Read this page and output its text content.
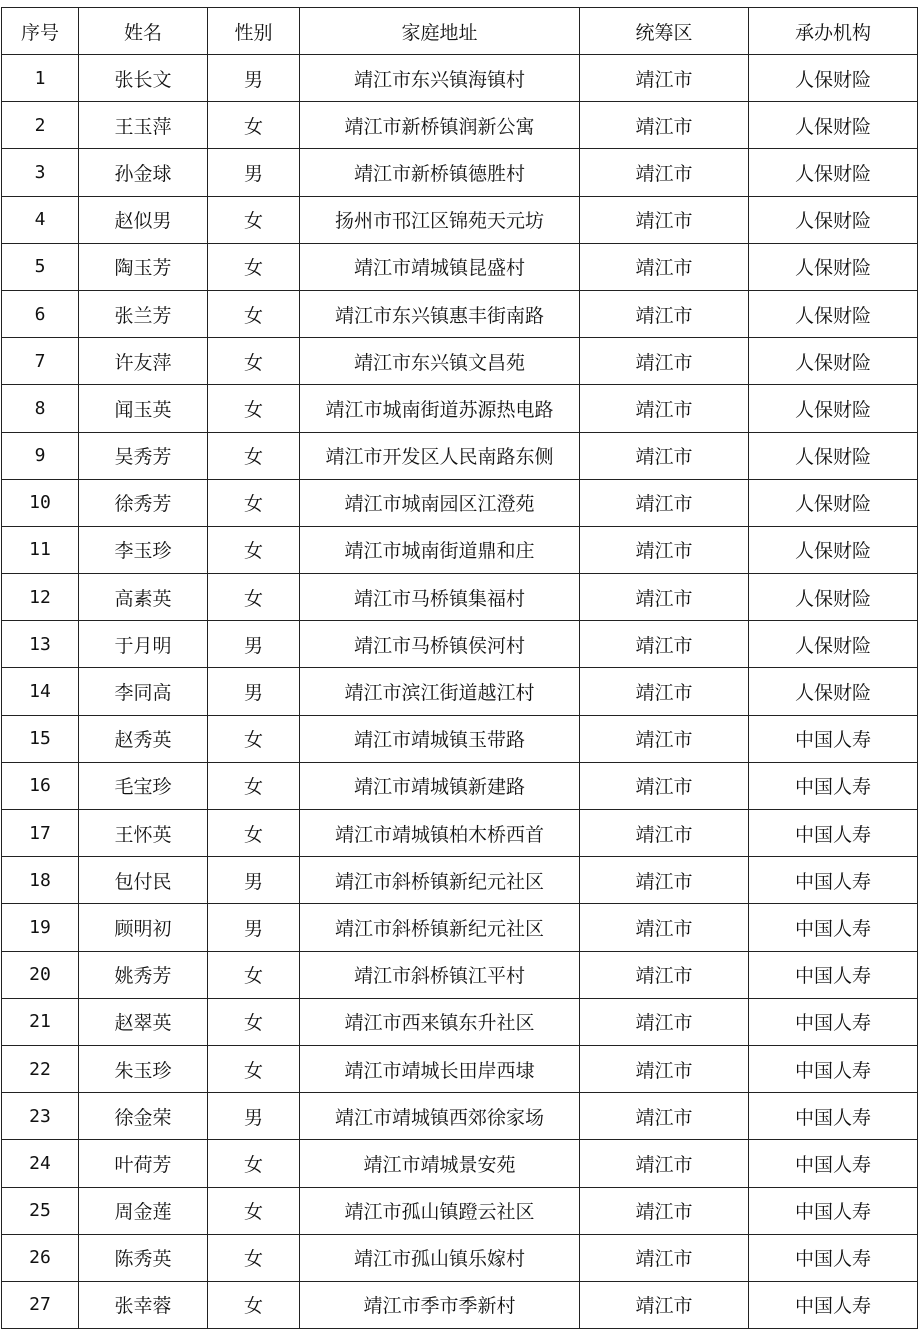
序号	姓名	性别	家庭地址	统筹区	承办机构
1	张长文	男	靖江市东兴镇海镇村	靖江市	人保财险
2	王玉萍	女	靖江市新桥镇润新公寓	靖江市	人保财险
3	孙金球	男	靖江市新桥镇德胜村	靖江市	人保财险
4	赵似男	女	扬州市邗江区锦苑天元坊	靖江市	人保财险
5	陶玉芳	女	靖江市靖城镇昆盛村	靖江市	人保财险
6	张兰芳	女	靖江市东兴镇惠丰街南路	靖江市	人保财险
7	许友萍	女	靖江市东兴镇文昌苑	靖江市	人保财险
8	闻玉英	女	靖江市城南街道苏源热电路	靖江市	人保财险
9	吴秀芳	女	靖江市开发区人民南路东侧	靖江市	人保财险
10	徐秀芳	女	靖江市城南园区江澄苑	靖江市	人保财险
11	李玉珍	女	靖江市城南街道鼎和庄	靖江市	人保财险
12	高素英	女	靖江市马桥镇集福村	靖江市	人保财险
13	于月明	男	靖江市马桥镇侯河村	靖江市	人保财险
14	李同高	男	靖江市滨江街道越江村	靖江市	人保财险
15	赵秀英	女	靖江市靖城镇玉带路	靖江市	中国人寿
16	毛宝珍	女	靖江市靖城镇新建路	靖江市	中国人寿
17	王怀英	女	靖江市靖城镇柏木桥西首	靖江市	中国人寿
18	包付民	男	靖江市斜桥镇新纪元社区	靖江市	中国人寿
19	顾明初	男	靖江市斜桥镇新纪元社区	靖江市	中国人寿
20	姚秀芳	女	靖江市斜桥镇江平村	靖江市	中国人寿
21	赵翠英	女	靖江市西来镇东升社区	靖江市	中国人寿
22	朱玉珍	女	靖江市靖城长田岸西埭	靖江市	中国人寿
23	徐金荣	男	靖江市靖城镇西郊徐家场	靖江市	中国人寿
24	叶荷芳	女	靖江市靖城景安苑	靖江市	中国人寿
25	周金莲	女	靖江市孤山镇蹬云社区	靖江市	中国人寿
26	陈秀英	女	靖江市孤山镇乐嫁村	靖江市	中国人寿
27	张幸蓉	女	靖江市季市季新村	靖江市	中国人寿
